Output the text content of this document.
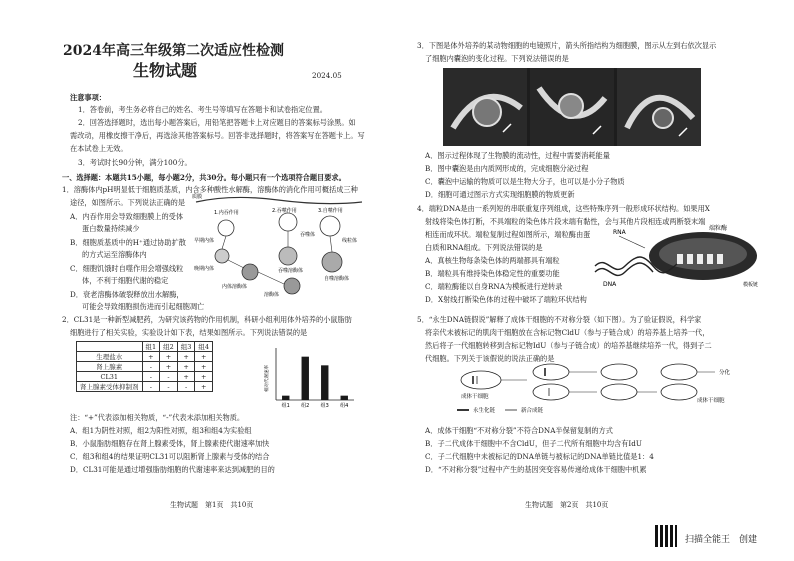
2024年高三年级第二次适应性检测
生物试题	2024.05
注意事项：
1．答卷前，考生务必将自己的姓名、考生号等填写在答题卡和试卷指定位置。
2．回答选择题时，选出每小题答案后，用铅笔把答题卡上对应题目的答案标号涂黑。如
需改动，用橡皮擦干净后，再选涂其他答案标号。回答非选择题时，将答案写在答题卡上。写
在本试卷上无效。
3．考试时长90分钟，满分100分。
一、选择题：本题共15小题，每小题2分，共30分。每小题只有一个选项符合题目要求。
1．溶酶体内pH明显低于细胞质基质，内含多种酸性水解酶，溶酶体的消化作用可概括成三种
途径，如图所示。下列说法正确的是
A．内吞作用会导致细胞膜上的受体
蛋白数量持续减少
B．细胞质基质中的H⁺通过协助扩散
的方式运至溶酶体内
C．细胞饥饿时自噬作用会增强线粒
体，不利于细胞代谢的稳定
D．衰老溶酶体破裂释放出水解酶，
可能会导致细胞损伤进而引起细胞凋亡
质膜
1.内吞作用	2.吞噬作用	3.自噬作用
早期内体
吞噬体
线粒体
晚期内体
溶酶体
自噬溶酶体
吞噬溶酶体
内体溶酶体
2．CL31是一种新型减肥药，为研究该药物的作用机制，科研小组利用体外培养的小鼠脂肪
细胞进行了相关实验，实验设计如下表，结果如图所示。下列说法错误的是
	组1	组2	组3	组4
生理盐水	+	+	+	+
肾上腺素	-	+	+	+
CL31	-	-	+	+
肾上腺素受体抑制剂	-	-	-	+	相对代谢速率
组1 组2 组3 组4
注：“+”代表添加相关物质，“-”代表未添加相关物质。
A．组1为阴性对照，组2为阳性对照，组3和组4为实验组
B．小鼠脂肪细胞存在肾上腺素受体，肾上腺素使代谢速率加快
C．组3和组4的结果证明CL31可以阻断肾上腺素与受体的结合
D．CL31可能是通过增强脂肪细胞的代谢速率来达到减肥的目的
生物试题　第1页　共10页
3．下图是体外培养的某动物细胞的电镜照片，箭头所指结构为细胞膜，图示从左到右依次显示
了细胞内囊泡的变化过程。下列说法错误的是
A．图示过程体现了生物膜的流动性，过程中需要消耗能量
B．图中囊泡是由内质网形成的，完成细胞分泌过程
C．囊泡中运输的物质可以是生物大分子，也可以是小分子物质
D．细胞可通过图示方式实现细胞膜的物质更新
4．端粒DNA是由一系列短的串联重复序列组成，这些特殊序列一般形成环状结构。如果用X
射线将染色体打断，不具端粒的染色体片段末端有黏性，会与其他片段相连或两断裂末端
相连而成环状。端粒复制过程如图所示，端粒酶由蛋
白质和RNA组成。下列说法错误的是
A．真核生物每条染色体的两端都具有端粒
B．端粒具有维持染色体稳定性的重要功能
C．端粒酶能以自身RNA为模板进行逆转录
D．X射线打断染色体的过程中破坏了端粒环状结构
RNA
端粒酶
DNA	模板链
5．“永生DNA链假说”解释了成体干细胞的不对称分裂（如下图）。为了验证假说，科学家
将亲代未被标记的肌肉干细胞放在含标记物CldU（参与子链合成）的培养基上培养一代，
然后将子一代细胞转移到含标记物IdU（参与子链合成）的培养基继续培养一代，得到子二
代细胞。下列关于该假说的说法正确的是
成体干细胞
成体干细胞
分化
永生化链	新合成链
A．成体干细胞“不对称分裂”不符合DNA半保留复制的方式
B．子二代成体干细胞中不含CldU，但子二代所有细胞中均含有IdU
C．子二代细胞中未被标记的DNA单链与被标记的DNA单链比值是1：4
D．“不对称分裂”过程中产生的基因突变容易传递给成体干细胞中机累
生物试题　第2页　共10页
扫描全能王　创建
